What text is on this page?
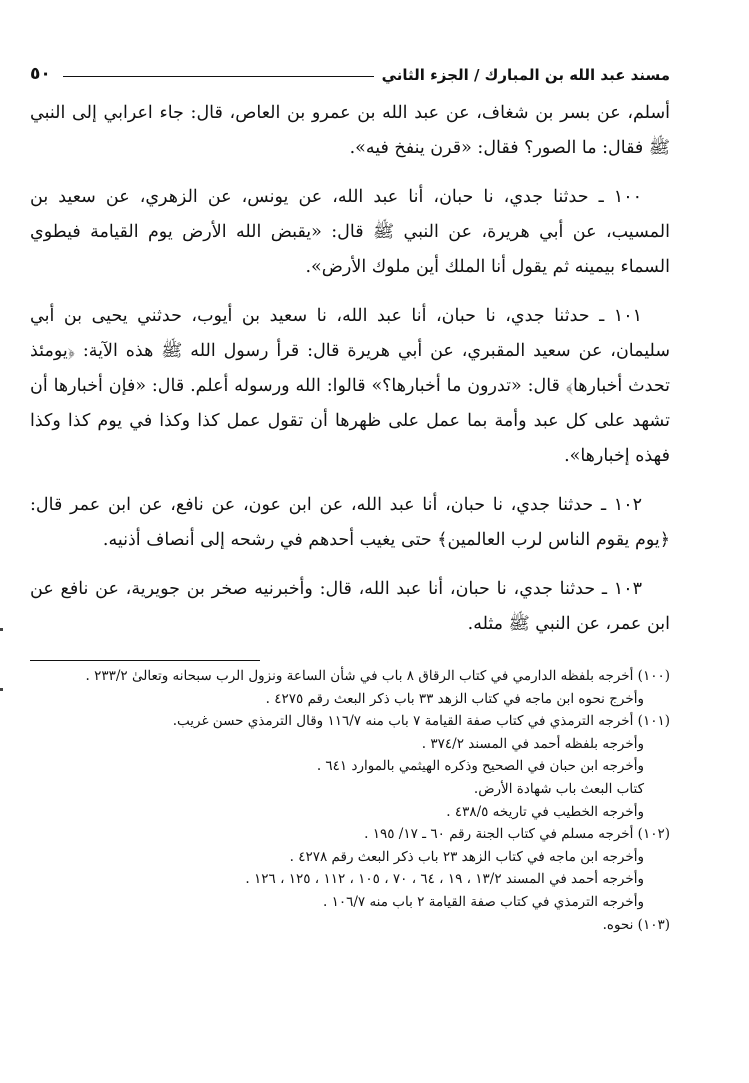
٥٠	مسند عبد الله بن المبارك / الجزء الثاني

أسلم، عن بسر بن شغاف، عن عبد الله بن عمرو بن العاص، قال: جاء اعرابي إلى النبي ﷺ فقال: ما الصور؟ فقال: «قرن ينفخ فيه».

١٠٠ ـ حدثنا جدي، نا حبان، أنا عبد الله، عن يونس، عن الزهري، عن سعيد بن المسيب، عن أبي هريرة، عن النبي ﷺ قال: «يقبض الله الأرض يوم القيامة فيطوي السماء بيمينه ثم يقول أنا الملك أين ملوك الأرض».

١٠١ ـ حدثنا جدي، نا حبان، أنا عبد الله، نا سعيد بن أيوب، حدثني يحيى بن أبي سليمان، عن سعيد المقبري، عن أبي هريرة قال: قرأ رسول الله ﷺ هذه الآية: ﴿يومئذ تحدث أخبارها﴾ قال: «تدرون ما أخبارها؟» قالوا: الله ورسوله أعلم. قال: «فإن أخبارها أن تشهد على كل عبد وأمة بما عمل على ظهرها أن تقول عمل كذا وكذا في يوم كذا وكذا فهذه إخبارها».

١٠٢ ـ حدثنا جدي، نا حبان، أنا عبد الله، عن ابن عون، عن نافع، عن ابن عمر قال: ﴿يوم يقوم الناس لرب العالمين﴾ حتى يغيب أحدهم في رشحه إلى أنصاف أذنيه.

١٠٣ ـ حدثنا جدي، نا حبان، أنا عبد الله، قال: وأخبرنيه صخر بن جويرية، عن نافع عن ابن عمر، عن النبي ﷺ مثله.

(١٠٠) أخرجه بلفظه الدارمي في كتاب الرقاق ٨ باب في شأن الساعة ونزول الرب سبحانه وتعالىٰ ٢٣٣/٢ .

وأخرج نحوه ابن ماجه في كتاب الزهد ٣٣ باب ذكر البعث رقم ٤٢٧٥ .

(١٠١) أخرجه الترمذي في كتاب صفة القيامة ٧ باب منه ١١٦/٧ وقال الترمذي حسن غريب.

وأخرجه بلفظه أحمد في المسند ٣٧٤/٢ .

وأخرجه ابن حبان في الصحيح وذكره الهيثمي بالموارد ٦٤١ .

كتاب البعث باب شهادة الأرض.

وأخرجه الخطيب في تاريخه ٤٣٨/٥ .

(١٠٢) أخرجه مسلم في كتاب الجنة رقم ٦٠ ـ ١٧/ ١٩٥ .

وأخرجه ابن ماجه في كتاب الزهد ٢٣ باب ذكر البعث رقم ٤٢٧٨ .

وأخرجه أحمد في المسند ١٣/٢ ، ١٩ ، ٦٤ ، ٧٠ ، ١٠٥ ، ١١٢ ، ١٢٥ ، ١٢٦ .

وأخرجه الترمذي في كتاب صفة القيامة ٢ باب منه ١٠٦/٧ .

(١٠٣) نحوه.
